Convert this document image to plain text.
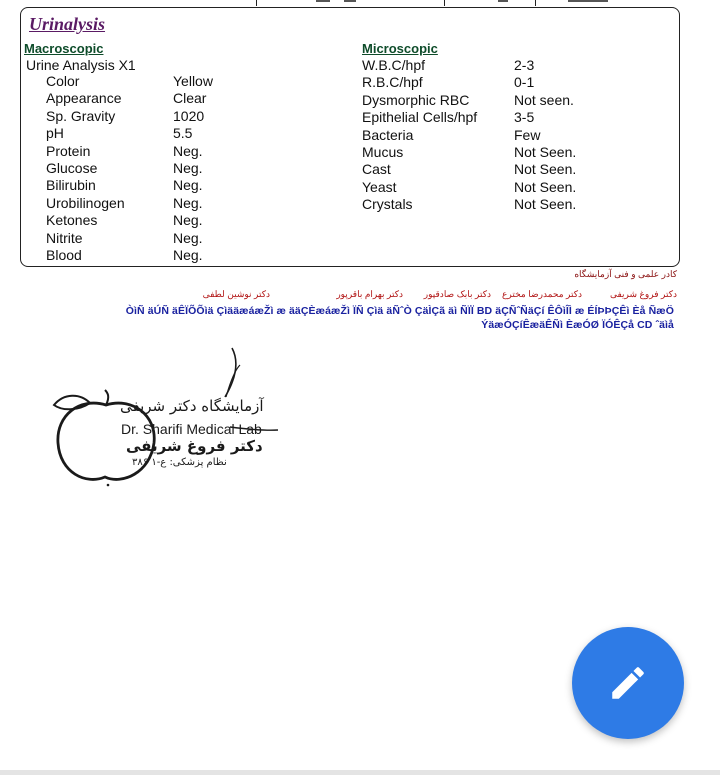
Urinalysis
Macroscopic	Microscopic
Urine Analysis X1
Color	Yellow
Appearance	Clear
Sp. Gravity	1020
pH	5.5
Protein	Neg.
Glucose	Neg.
Bilirubin	Neg.
Urobilinogen	Neg.
Ketones	Neg.
Nitrite	Neg.
Blood	Neg.
W.B.C/hpf	2-3
R.B.C/hpf	0-1
Dysmorphic RBC	Not seen.
Epithelial Cells/hpf	3-5
Bacteria	Few
Mucus	Not Seen.
Cast	Not Seen.
Yeast	Not Seen.
Crystals	Not Seen.
کادر علمی و فنی آزمایشگاه
دکتر فروغ شریفی
دکتر محمدرضا مخترع
دکتر بابک صادقپور
دکتر بهرام باقرپور
دکتر نوشین لطفی
ÒìÑ äÚÑ äÊÏÕÕìä ÇìääæáæŽì æ ääÇÈæáæŽì ÏÑ Çìä äÑˆÒ ÇäÌÇã äì ÑÏÏ BD äÇÑˆÑäÇí ÊÔìÎÌ æ ÉÍÞÞÇÊì Èå ÑæÖ
ÝäæÓÇíÊæäÊÑì ÈæÓØ ÏÓÊÇå CD ˆäìå
آزمایشگاه دکتر شریفی
Dr. Sharifi Medical Lab
دکتر فروغ شریفی
نظام پزشکی: ع-۱ ۳۸۶
